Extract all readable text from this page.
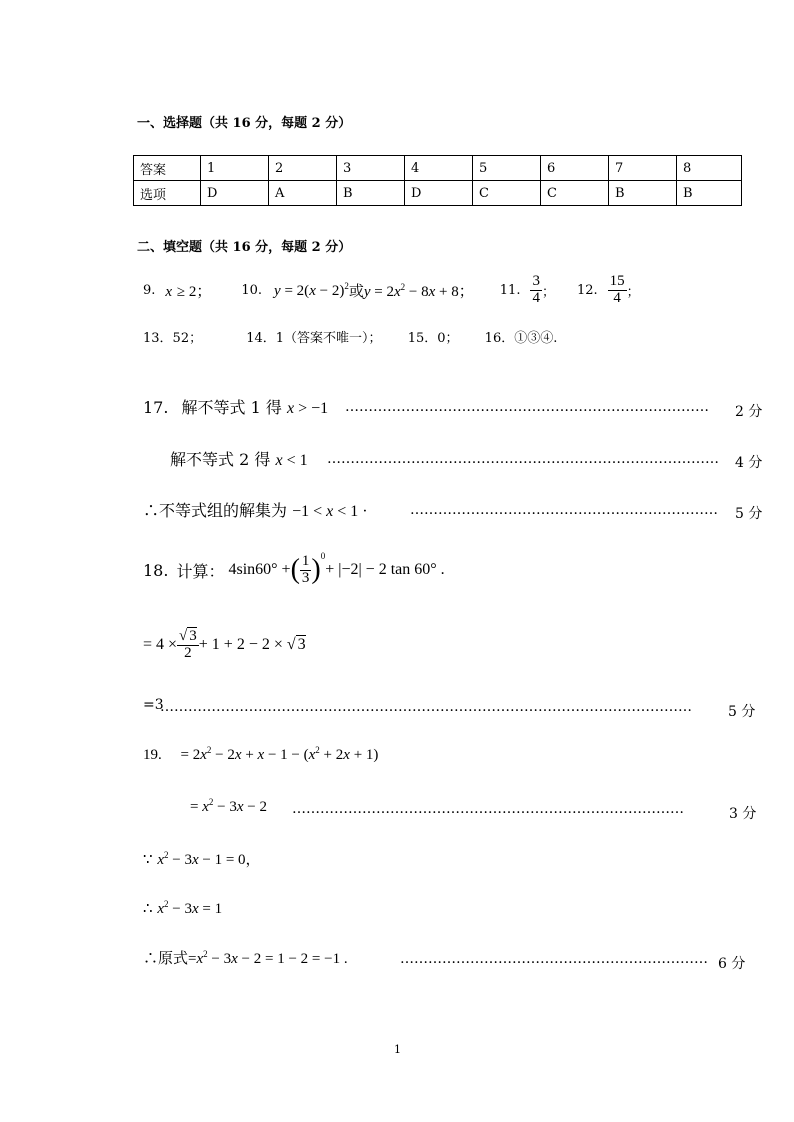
一、选择题（共 16 分，每题 2 分）
答案	1	2	3	4	5	6	7	8
选项	D	A	B	D	C	C	B	B
二、填空题（共 16 分，每题 2 分）
9. x ≥ 2； 10. $y = 2(x - 2)^2$ 或 $y = 2x^2 - 8x + 8$； 11. $\frac{3}{4}$ ； 12. $\frac{15}{4}$ ；
13．52；	14．1（答案不唯一）； 15．0； 16．①③④.
17. 解不等式 1 得 x > −1 ……………………………………………………………………	2 分
解不等式 2 得 x < 1 …………………………………………………………………………	4 分
∴不等式组的解集为 −1 < x < 1 ·	…………………………………………………………	5 分
18. 计算： 4sin60° + ( $\frac{1}{3} )^0$
+ |−2| − 2 tan 60° .
= $4 \times \frac{√ 3}{2} + 1 + 2 - 2$ × √ 3
=3
……………………………………………………………………………………………………	5 分
19. = $2x^2 - 2x + x - 1 - (x^2 + 2x + 1)$
= $x^2 - 3x - 2$ …………………………………………………………………………	3 分
∵ $x^2 - 3x - 1 = 0$，
∴ $x^2 - 3x = 1$
∴原式$=x^2 - 3x - 2 = 1 - 2 = -1$ .	………………………………………………………… 6 分
1
